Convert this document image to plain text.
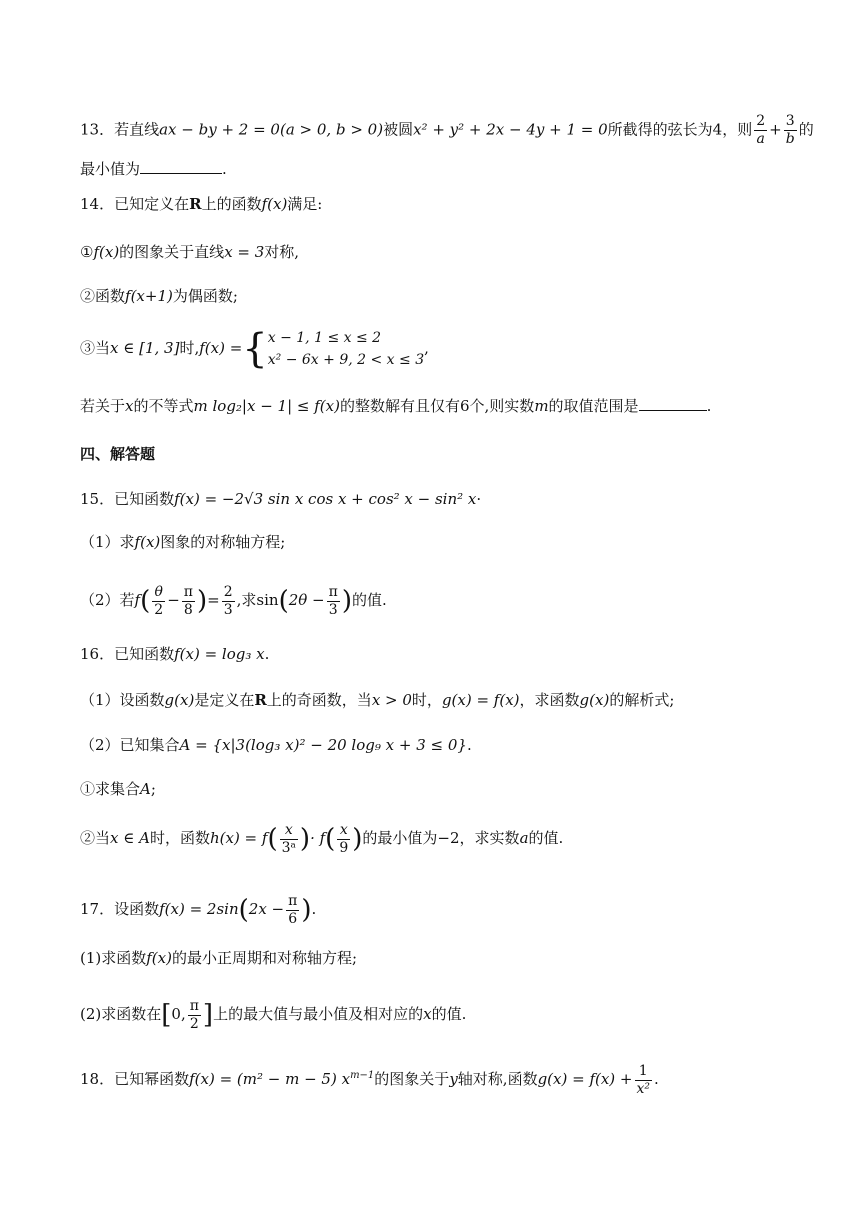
13．若直线ax − by + 2 = 0(a > 0, b > 0)被圆x² + y² + 2x − 4y + 1 = 0所截得的弦长为4，则 $\frac{2}{a} + \frac{3}{b}$ 的
最小值为	.
14．已知定义在R上的函数f(x)满足:
①f(x)的图象关于直线x = 3对称,
②函数f(x+1)为偶函数;
③当x ∈ [1, 3]时,f(x) ={ x − 1, 1 ≤ x ≤ 2
x² − 6x + 9, 2 < x ≤ 3
,
若关于x的不等式m log₂|x − 1| ≤ f(x)的整数解有且仅有6个,则实数m的取值范围是	.
四、解答题
15．已知函数f(x) = −2√3 sin x cos x + cos² x − sin² x·
（1）求f(x)图象的对称轴方程;
（2）若$f( \frac{\theta}{2} - \frac{\pi}{8}$ )= $\frac{2}{3}$ ,求$\sin(2\theta - \frac{\pi}{3}$ )的值.
16．已知函数f(x) = log₃ x.
（1）设函数g(x)是定义在R上的奇函数，当x > 0时，g(x) = f(x)，求函数g(x)的解析式;
（2）已知集合A = {x|3(log₃ x)² − 20 log₉ x + 3 ≤ 0}.
①求集合A;
②当x ∈ A时，函数$h(x) = f( \frac{x}{\text{3ᵃ}}$ )· $f( \frac{x}{9}$ )的最小值为−2，求实数a的值.
17．设函数$f(x) = 2\sin(2x - \frac{\pi}{6}$ ).
(1)求函数f(x)的最小正周期和对称轴方程;
(2)求函数在[0, $\frac{\pi}{2}$ ]上的最大值与最小值及相对应的x的值.
18．已知幂函数f(x) = (m² − m − 5) $x^{m-1}$的图象关于y轴对称,函数$g(x) = f(x) + \frac{1}{\text{x²}}$ .
